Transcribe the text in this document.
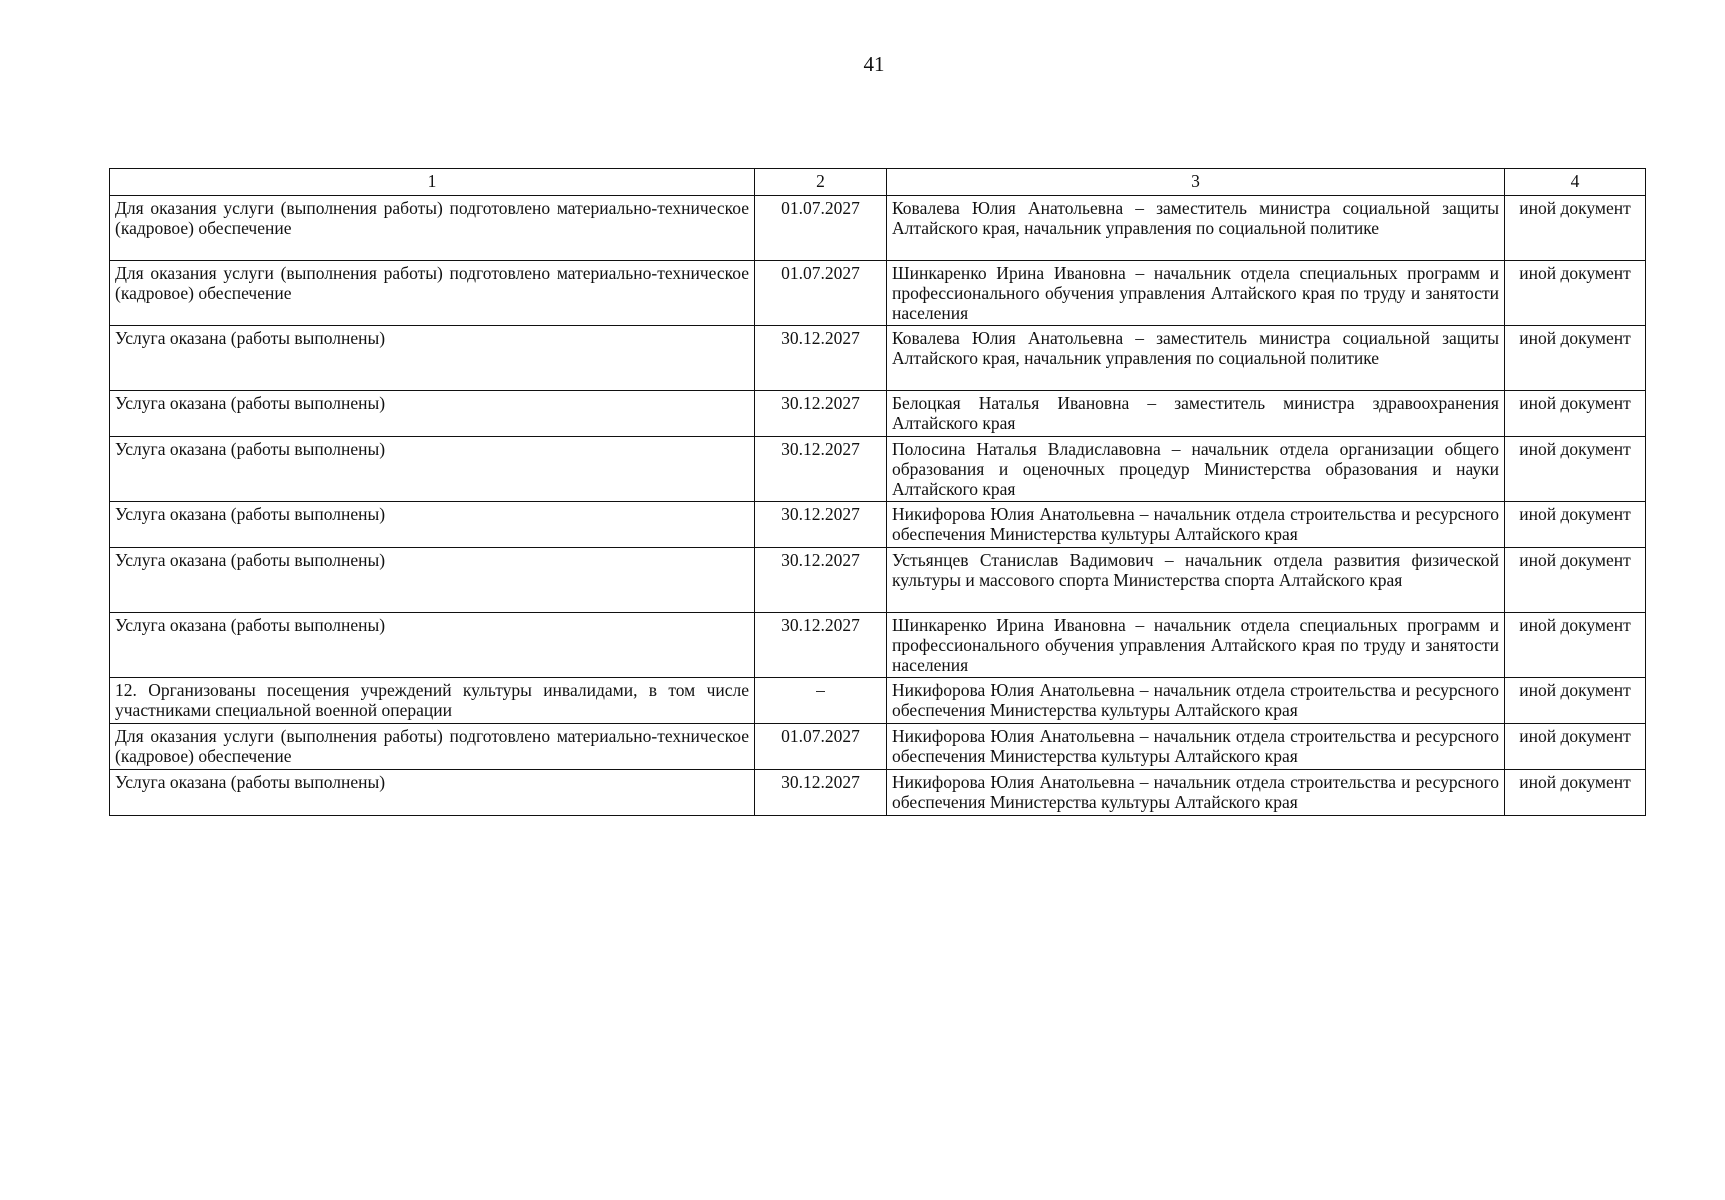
41
1	2	3	4
Для оказания услуги (выполнения работы) подготовлено материально-техническое (кадровое) обеспечение	01.07.2027	Ковалева Юлия Анатольевна – заместитель министра социальной защиты Алтайского края, начальник управления по социальной политике	иной документ
Для оказания услуги (выполнения работы) подготовлено материально-техническое (кадровое) обеспечение	01.07.2027	Шинкаренко Ирина Ивановна – начальник отдела специальных программ и профессионального обучения управления Алтайского края по труду и занятости населения	иной документ
Услуга оказана (работы выполнены)	30.12.2027	Ковалева Юлия Анатольевна – заместитель министра социальной защиты Алтайского края, начальник управления по социальной политике	иной документ
Услуга оказана (работы выполнены)	30.12.2027	Белоцкая Наталья Ивановна – заместитель министра здравоохранения Алтайского края	иной документ
Услуга оказана (работы выполнены)	30.12.2027	Полосина Наталья Владиславовна – начальник отдела организации общего образования и оценочных процедур Министерства образования и науки Алтайского края	иной документ
Услуга оказана (работы выполнены)	30.12.2027	Никифорова Юлия Анатольевна – начальник отдела строительства и ресурсного обеспечения Министерства культуры Алтайского края	иной документ
Услуга оказана (работы выполнены)	30.12.2027	Устьянцев Станислав Вадимович – начальник отдела развития физической культуры и массового спорта Министерства спорта Алтайского края	иной документ
Услуга оказана (работы выполнены)	30.12.2027	Шинкаренко Ирина Ивановна – начальник отдела специальных программ и профессионального обучения управления Алтайского края по труду и занятости населения	иной документ
12. Организованы посещения учреждений культуры инвалидами, в том числе участниками специальной военной операции	–	Никифорова Юлия Анатольевна – начальник отдела строительства и ресурсного обеспечения Министерства культуры Алтайского края	иной документ
Для оказания услуги (выполнения работы) подготовлено материально-техническое (кадровое) обеспечение	01.07.2027	Никифорова Юлия Анатольевна – начальник отдела строительства и ресурсного обеспечения Министерства культуры Алтайского края	иной документ
Услуга оказана (работы выполнены)	30.12.2027	Никифорова Юлия Анатольевна – начальник отдела строительства и ресурсного обеспечения Министерства культуры Алтайского края	иной документ
